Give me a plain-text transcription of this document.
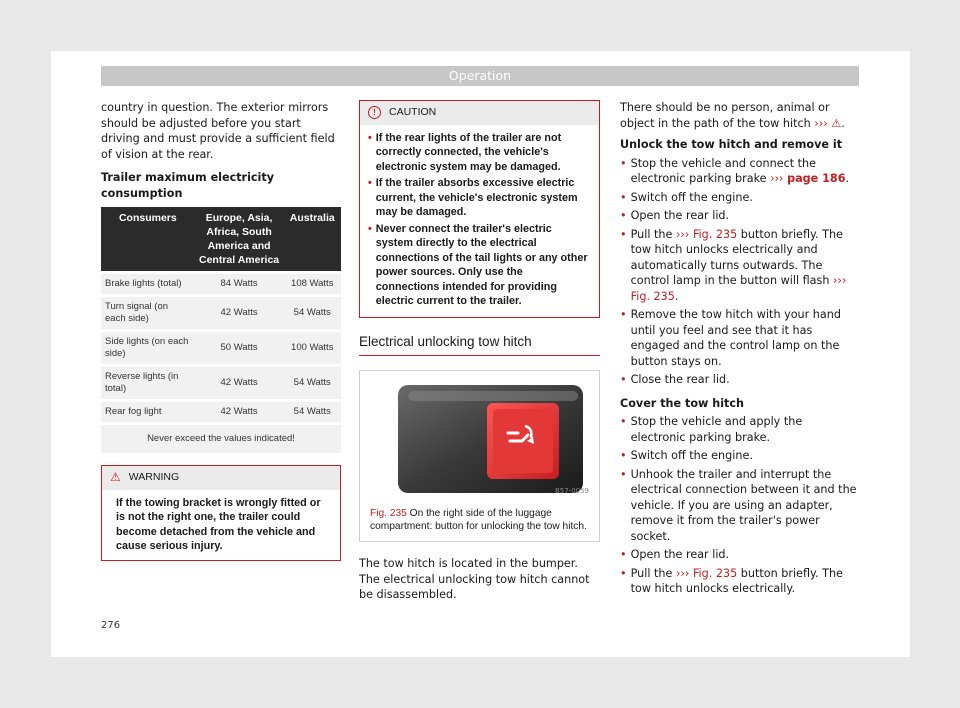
Operation

country in question. The exterior mirrors should be adjusted before you start driving and must provide a sufficient field of vision at the rear.

Trailer maximum electricity consumption

Consumers	Europe, Asia, Africa, South America and Central America	Australia
Brake lights (total)	84 Watts	108 Watts
Turn signal (on each side)	42 Watts	54 Watts
Side lights (on each side)	50 Watts	100 Watts
Reverse lights (in total)	42 Watts	54 Watts
Rear fog light	42 Watts	54 Watts
Never exceed the values indicated!		
⚠ WARNING
If the towing bracket is wrongly fitted or is not the right one, the trailer could become detached from the vehicle and cause serious injury.
!	CAUTION
• If the rear lights of the trailer are not correctly connected, the vehicle's electronic system may be damaged.
• If the trailer absorbs excessive electric current, the vehicle's electronic system may be damaged.
• Never connect the trailer's electric system directly to the electrical connections of the tail lights or any other power sources. Only use the connections intended for providing electric current to the trailer.
Electrical unlocking tow hitch
B57-0059
Fig. 235 On the right side of the luggage compartment: button for unlocking the tow hitch.

The tow hitch is located in the bumper. The electrical unlocking tow hitch cannot be disassembled.

There should be no person, animal or object in the path of the tow hitch ››› ⚠.

Unlock the tow hitch and remove it

• Stop the vehicle and connect the electronic parking brake ››› page 186.
• Switch off the engine.
• Open the rear lid.
• Pull the ››› Fig. 235 button briefly. The tow hitch unlocks electrically and automatically turns outwards. The control lamp in the button will flash ››› Fig. 235.
• Remove the tow hitch with your hand until you feel and see that it has engaged and the control lamp on the button stays on.
• Close the rear lid.

Cover the tow hitch

• Stop the vehicle and apply the electronic parking brake.
• Switch off the engine.
• Unhook the trailer and interrupt the electrical connection between it and the vehicle. If you are using an adapter, remove it from the trailer's power socket.
• Open the rear lid.
• Pull the ››› Fig. 235 button briefly. The tow hitch unlocks electrically.
276
